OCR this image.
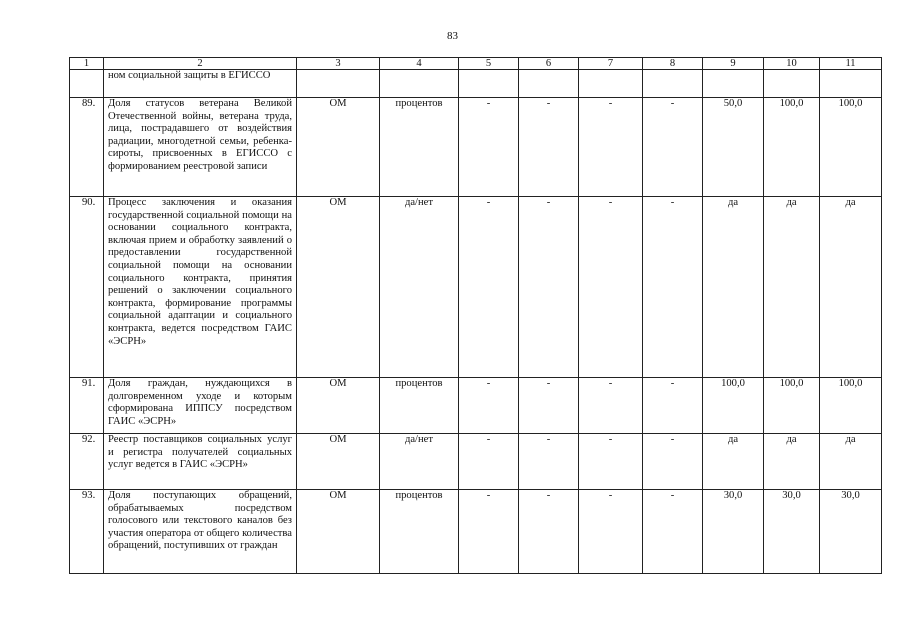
83
1	2	3	4	5	6	7	8	9	10	11
	ном социальной защиты в ЕГИССО									
89.	Доля статусов ветерана Великой Отечественной войны, ветерана труда, лица, пострадавшего от воздействия радиации, многодетной семьи, ребенка-сироты, присвоенных в ЕГИССО с формированием реестровой записи	ОМ	процентов	-	-	-	-	50,0	100,0	100,0
90.	Процесс заключения и оказания государственной социальной помощи на основании социального контракта, включая прием и обработку заявлений о предоставлении государственной социальной помощи на основании социального контракта, принятия решений о заключении социального контракта, формирование программы социальной адаптации и социального контракта, ведется посредством ГАИС «ЭСРН»	ОМ	да/нет	-	-	-	-	да	да	да
91.	Доля граждан, нуждающихся в долговременном уходе и которым сформирована ИППСУ посредством ГАИС «ЭСРН»	ОМ	процентов	-	-	-	-	100,0	100,0	100,0
92.	Реестр поставщиков социальных услуг и регистра получателей социальных услуг ведется в ГАИС «ЭСРН»	ОМ	да/нет	-	-	-	-	да	да	да
93.	Доля поступающих обращений, обрабатываемых посредством голосового или текстового каналов без участия оператора от общего количества обращений, поступивших от граждан	ОМ	процентов	-	-	-	-	30,0	30,0	30,0
